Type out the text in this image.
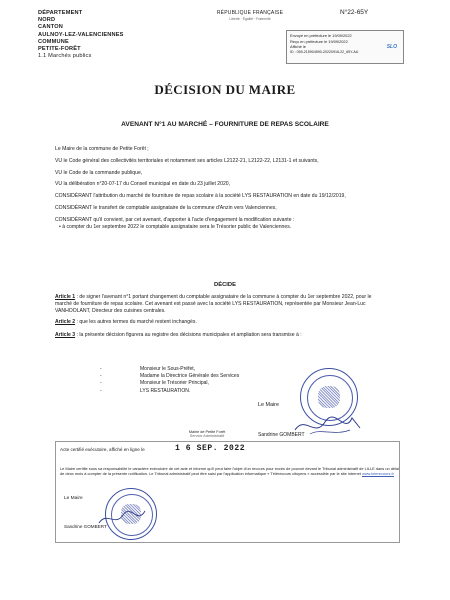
DÉPARTEMENT
NORD
CANTON
AULNOY-LEZ-VALENCIENNES
COMMUNE
PETITE-FORÊT
1.1 Marchés publics
RÉPUBLIQUE FRANÇAISE
Liberté · Égalité · Fraternité
N°22-65Y
Envoyé en préfecture le 19/09/2022
Reçu en préfecture le 19/09/2022
Affiché le
ID : 059-215904590-20220916-22_65Y-AU
SLO
DÉCISION DU MAIRE
AVENANT N°1 AU MARCHÉ – FOURNITURE DE REPAS SCOLAIRE

Le Maire de la commune de Petite Forêt ;

VU le Code général des collectivités territoriales et notamment ses articles L2122-21, L2122-22, L2131-1 et suivants,

VU le Code de la commande publique,

VU la délibération n°20-07-17 du Conseil municipal en date du 23 juillet 2020,

CONSIDÉRANT l'attribution du marché de fourniture de repas scolaire à la société LYS RESTAURATION en date du 19/12/2019,

CONSIDÉRANT le transfert de comptable assignataire de la commune d'Anzin vers Valenciennes,

CONSIDÉRANT qu'il convient, par cet avenant, d'apporter à l'acte d'engagement la modification suivante :

• à compter du 1er septembre 2022 le comptable assignataire sera le Trésorier public de Valenciennes.

DÉCIDE

Article 1 : de signer l'avenant n°1 portant changement du comptable assignataire de la commune à compter du 1er septembre 2022, pour le marché de fourniture de repas scolaire. Cet avenant est passé avec la société LYS RESTAURATION, représentée par Monsieur Jean-Luc VANHOOLANT, Directeur des cuisines centrales.

Article 2 : que les autres termes du marché restent inchangés.

Article 3 : la présente décision figurera au registre des décisions municipales et ampliation sera transmise à :

-	Monsieur le Sous-Préfet,
-	Madame la Directrice Générale des Services
-	Monsieur le Trésorier Principal,
-	LYS RESTAURATION.
Le Maire
Mairie de Petite Forêt
Service Administratif	Sandrine GOMBERT
Acte certifié exécutoire, affiché en ligne le	1 6 SEP. 2022
Le Maire certifie sous sa responsabilité le caractère exécutoire de cet acte et informe qu'il peut faire l'objet d'un recours pour excès de pouvoir devant le Tribunal administratif de LILLE dans un délai de deux mois à compter de la présente notification. Le Tribunal administratif peut être saisi par l'application informatique « Télérecours citoyens » accessible par le site internet www.telerecours.fr
Le Maire
Sandrine GOMBERT
